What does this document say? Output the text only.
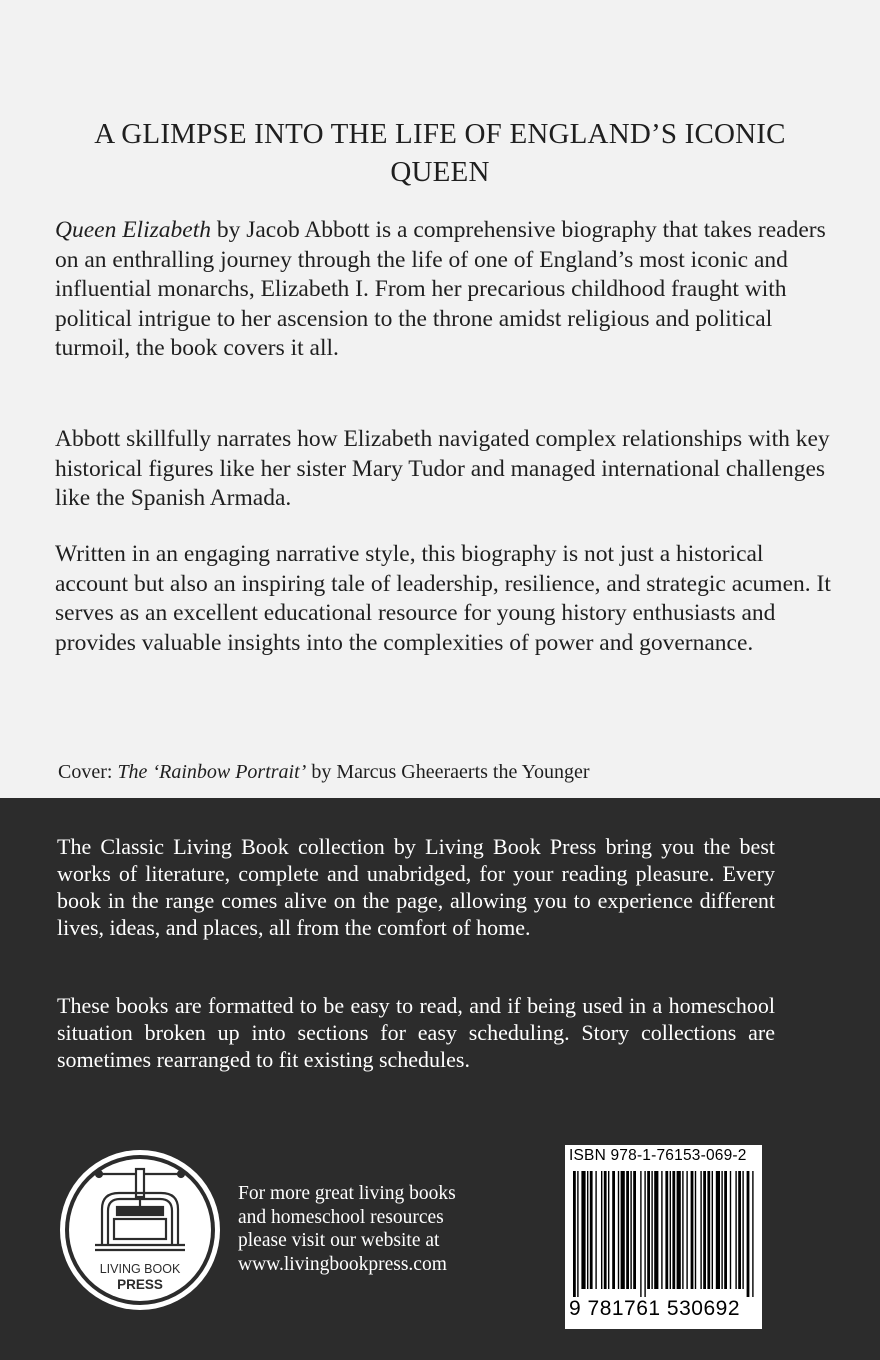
A GLIMPSE INTO THE LIFE OF ENGLAND’S ICONIC QUEEN

Queen Elizabeth by Jacob Abbott is a comprehensive biography that takes readers on an enthralling journey through the life of one of England’s most iconic and influential monarchs, Elizabeth I. From her precarious childhood fraught with political intrigue to her ascension to the throne amidst religious and political turmoil, the book covers it all.

Abbott skillfully narrates how Elizabeth navigated complex relationships with key historical figures like her sister Mary Tudor and managed international challenges like the Spanish Armada.

Written in an engaging narrative style, this biography is not just a historical account but also an inspiring tale of leadership, resilience, and strategic acumen. It serves as an excellent educational resource for young history enthusiasts and provides valuable insights into the complexities of power and governance.

Cover: The ‘Rainbow Portrait’ by Marcus Gheeraerts the Younger

The Classic Living Book collection by Living Book Press bring you the best works of literature, complete and unabridged, for your reading pleasure. Every book in the range comes alive on the page, allowing you to experience different lives, ideas, and places, all from the comfort of home.

These books are formatted to be easy to read, and if being used in a homeschool situation broken up into sections for easy scheduling. Story collections are sometimes rearranged to fit existing schedules.

LIVING BOOK
PRESS
For more great living books
and homeschool resources
please visit our website at
www.livingbookpress.com
ISBN 978-1-76153-069-2
9 781761 530692
